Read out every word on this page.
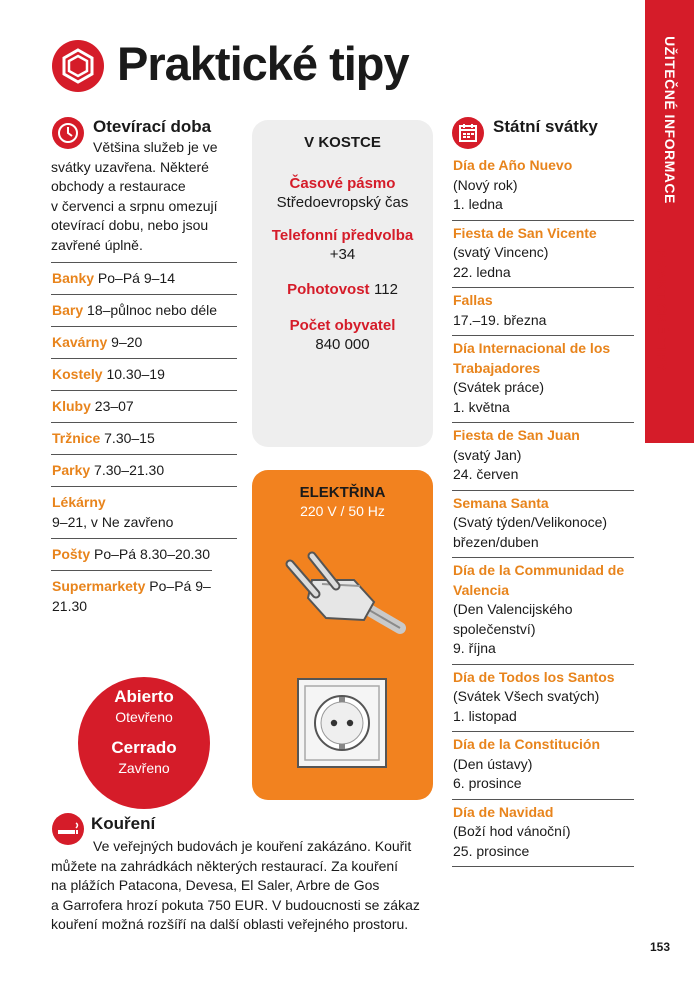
UŽITEČNÉ INFORMACE
PRAKTICKÉ TIPY
Praktické tipy
Otevírací doba
Většina služeb je ve
svátky uzavřena. Některé
obchody a restaurace
v červenci a srpnu omezují
otevírací dobu, nebo jsou
zavřené úplně.
Banky Po–Pá 9–14
Bary 18–půlnoc nebo déle
Kavárny 9–20
Kostely 10.30–19
Kluby 23–07
Tržnice 7.30–15
Parky 7.30–21.30
Lékárny
9–21, v Ne zavřeno
Pošty Po–Pá 8.30–20.30
Supermarkety Po–Pá 9–21.30
V KOSTCE
Časové pásmo
Středoevropský čas
Telefonní předvolba
+34
Pohotovost 112
Počet obyvatel
840 000
ELEKTŘINA
220 V / 50 Hz
Abierto
Otevřeno
Cerrado
Zavřeno
Kouření
Ve veřejných budovách je kouření zakázáno. Kouřit
můžete na zahrádkách některých restaurací. Za kouření
na plážích Patacona, Devesa, El Saler, Arbre de Gos
a Garrofera hrozí pokuta 750 EUR. V budoucnosti se zákaz
kouření možná rozšíří na další oblasti veřejného prostoru.
Státní svátky
Día de Año Nuevo
(Nový rok)
1. ledna
Fiesta de San Vicente
(svatý Vincenc)
22. ledna
Fallas
17.–19. března
Día Internacional de los
Trabajadores
(Svátek práce)
1. května
Fiesta de San Juan
(svatý Jan)
24. červen
Semana Santa
(Svatý týden/Velikonoce)
březen/duben
Día de la Communidad de
Valencia
(Den Valencijského
společenství)
9. října
Día de Todos los Santos
(Svátek Všech svatých)
1. listopad
Día de la Constitución
(Den ústavy)
6. prosince
Día de Navidad
(Boží hod vánoční)
25. prosince
153
